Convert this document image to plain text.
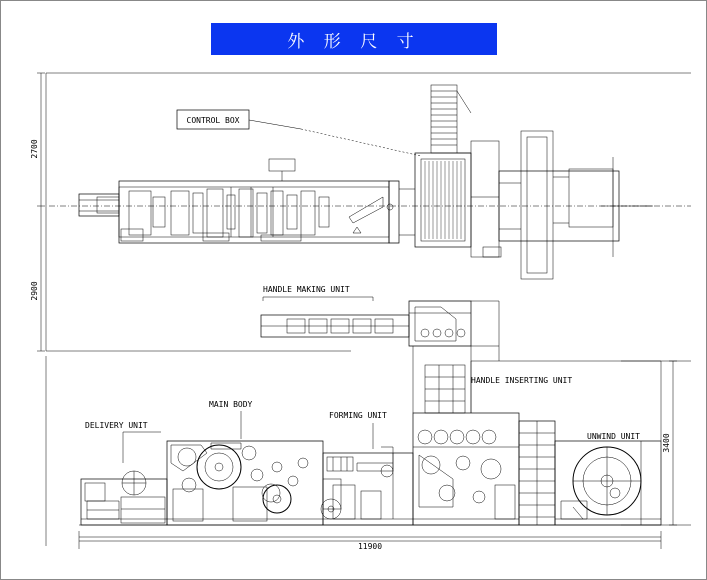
外 形 尺 寸
2700
2900
CONTROL BOX
HANDLE MAKING UNIT
11900
3400
DELIVERY UNIT
MAIN BODY
FORMING UNIT
HANDLE INSERTING UNIT
UNWIND UNIT
